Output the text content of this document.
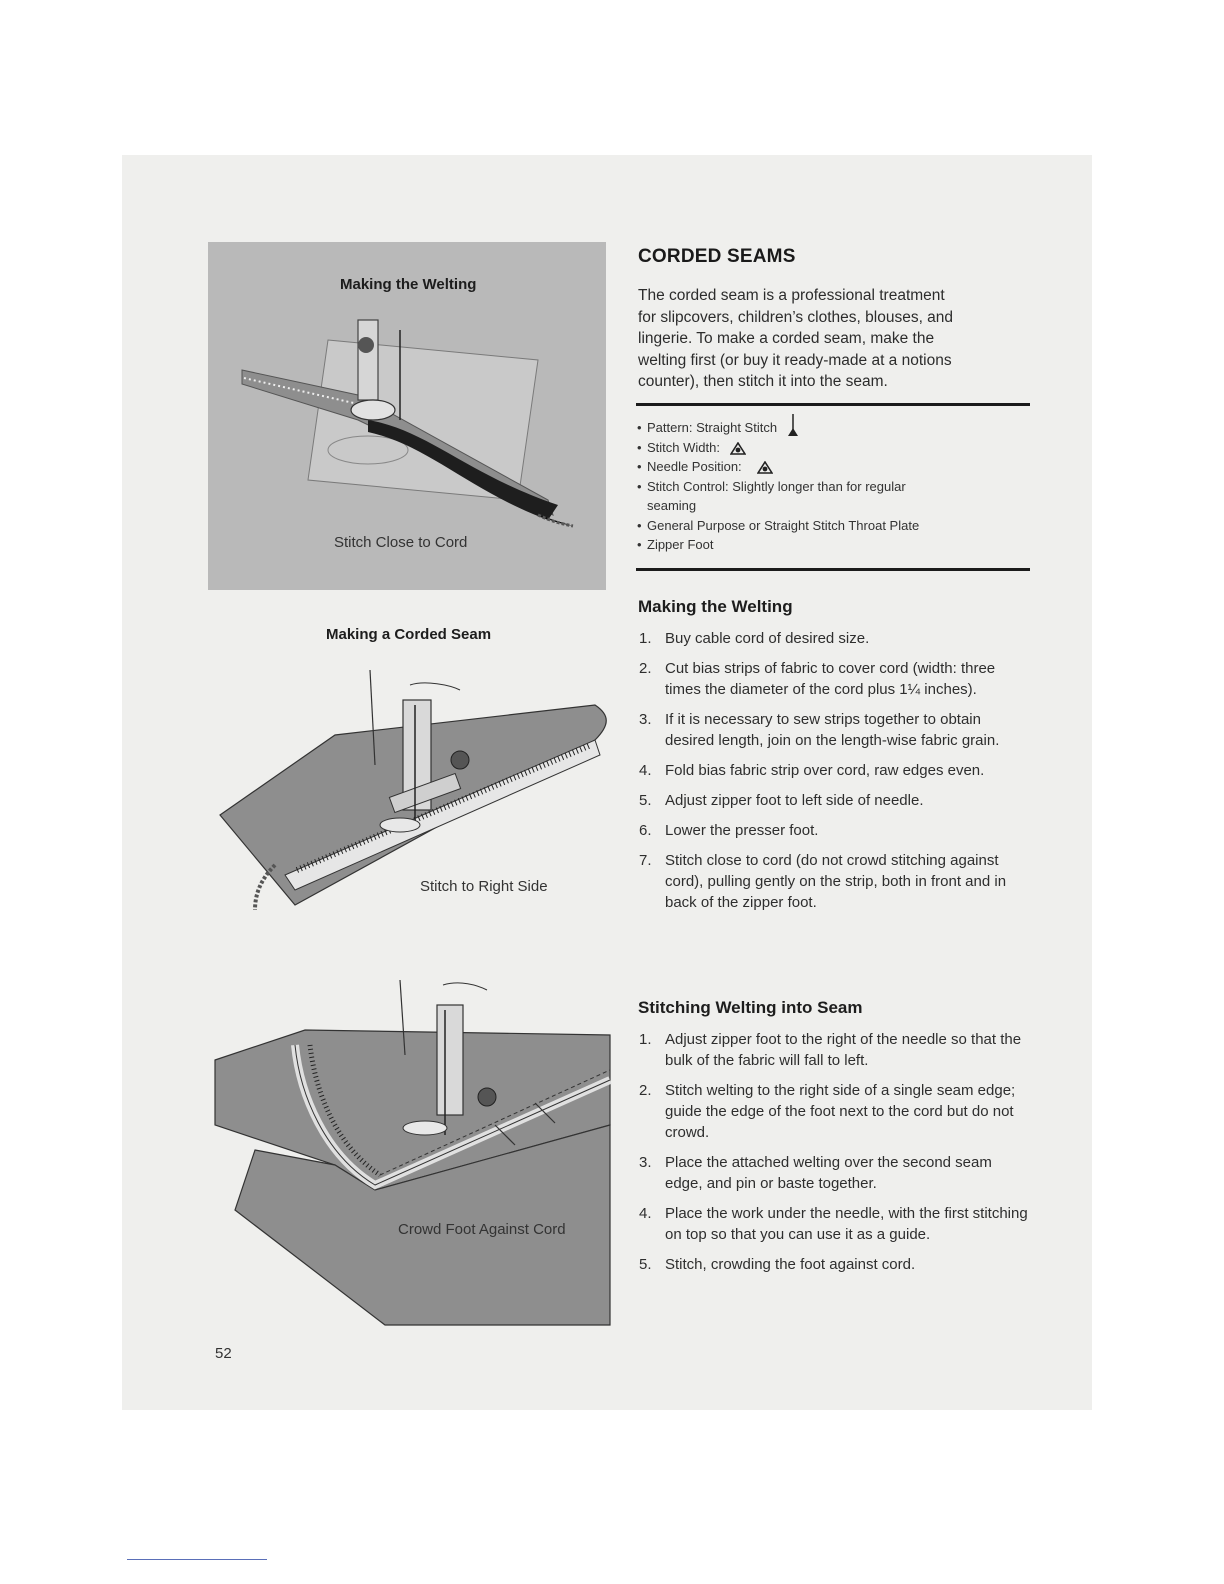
Making the Welting
Stitch Close to Cord
Making a Corded Seam
Stitch to Right Side
Crowd Foot Against Cord
CORDED SEAMS
The corded seam is a professional treatment
for slipcovers, children’s clothes, blouses, and
lingerie. To make a corded seam, make the
welting first (or buy it ready-made at a notions
counter), then stitch it into the seam.
• Pattern: Straight Stitch
• Stitch Width:
• Needle Position:
• Stitch Control: Slightly longer than for regular
seaming
• General Purpose or Straight Stitch Throat Plate
• Zipper Foot
Making the Welting
1. Buy cable cord of desired size.
2. Cut bias strips of fabric to cover cord (width: three times the diameter of the cord plus 1¼ inches).
3. If it is necessary to sew strips together to obtain desired length, join on the length-wise fabric grain.
4. Fold bias fabric strip over cord, raw edges even.
5. Adjust zipper foot to left side of needle.
6. Lower the presser foot.
7. Stitch close to cord (do not crowd stitching against cord), pulling gently on the strip, both in front and in back of the zipper foot.
Stitching Welting into Seam
1. Adjust zipper foot to the right of the needle so that the bulk of the fabric will fall to left.
2. Stitch welting to the right side of a single seam edge; guide the edge of the foot next to the cord but do not crowd.
3. Place the attached welting over the second seam edge, and pin or baste together.
4. Place the work under the needle, with the first stitching on top so that you can use it as a guide.
5. Stitch, crowding the foot against cord.
52
